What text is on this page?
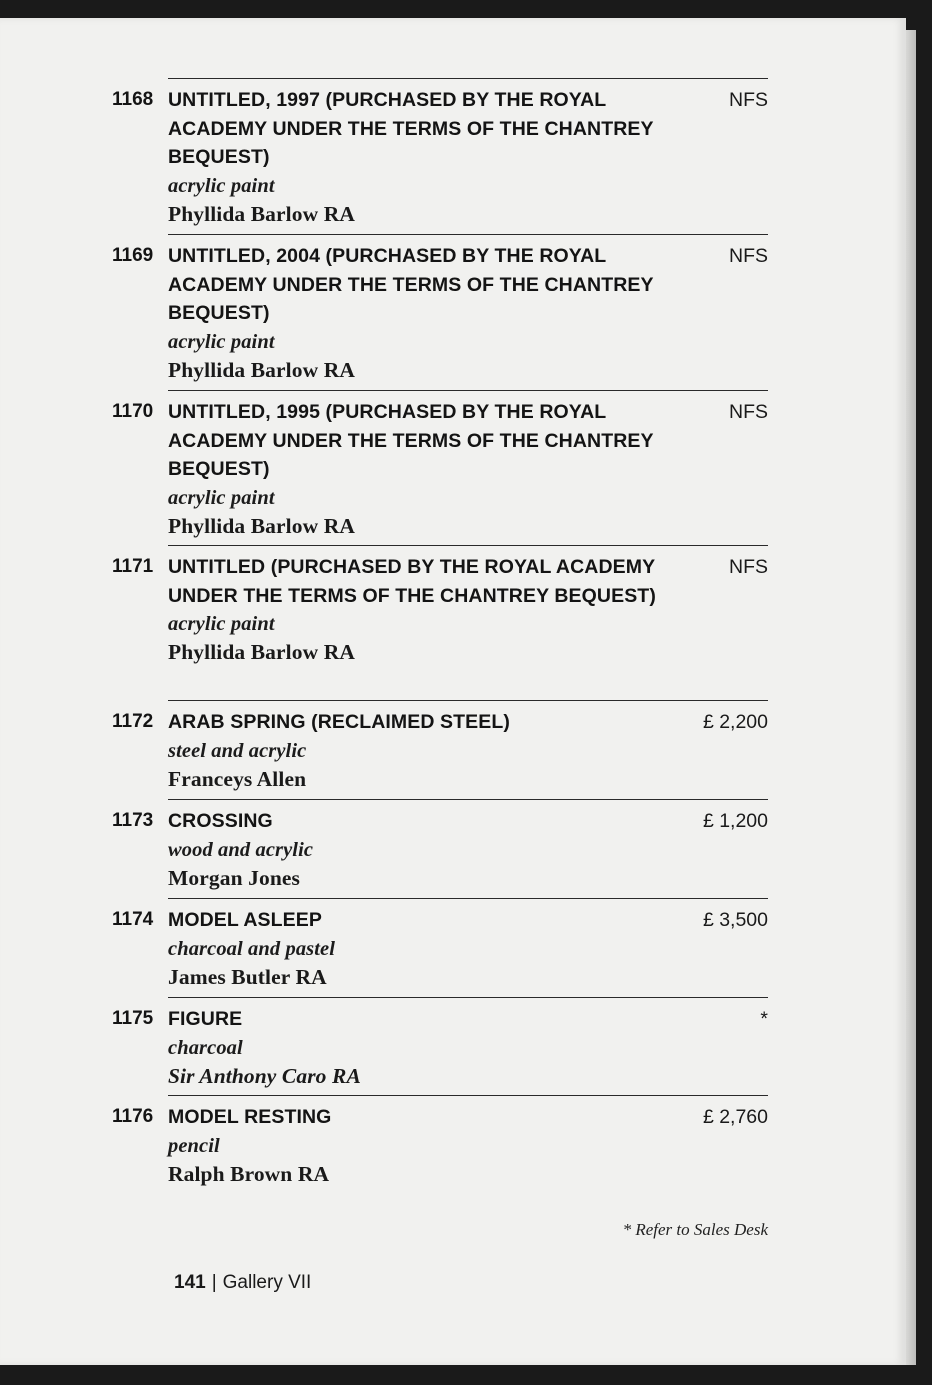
1168 UNTITLED, 1997 (PURCHASED BY THE ROYAL ACADEMY UNDER THE TERMS OF THE CHANTREY BEQUEST)
acrylic paint
Phyllida Barlow RA
NFS
1169 UNTITLED, 2004 (PURCHASED BY THE ROYAL ACADEMY UNDER THE TERMS OF THE CHANTREY BEQUEST)
acrylic paint
Phyllida Barlow RA
NFS
1170 UNTITLED, 1995 (PURCHASED BY THE ROYAL ACADEMY UNDER THE TERMS OF THE CHANTREY BEQUEST)
acrylic paint
Phyllida Barlow RA
NFS
1171 UNTITLED (PURCHASED BY THE ROYAL ACADEMY UNDER THE TERMS OF THE CHANTREY BEQUEST)
acrylic paint
Phyllida Barlow RA
NFS
1172 ARAB SPRING (RECLAIMED STEEL)
steel and acrylic
Franceys Allen
£ 2,200
1173 CROSSING
wood and acrylic
Morgan Jones
£ 1,200
1174 MODEL ASLEEP
charcoal and pastel
James Butler RA
£ 3,500
1175 FIGURE
charcoal
Sir Anthony Caro RA
*
1176 MODEL RESTING
pencil
Ralph Brown RA
£ 2,760
* Refer to Sales Desk
141 | Gallery VII
